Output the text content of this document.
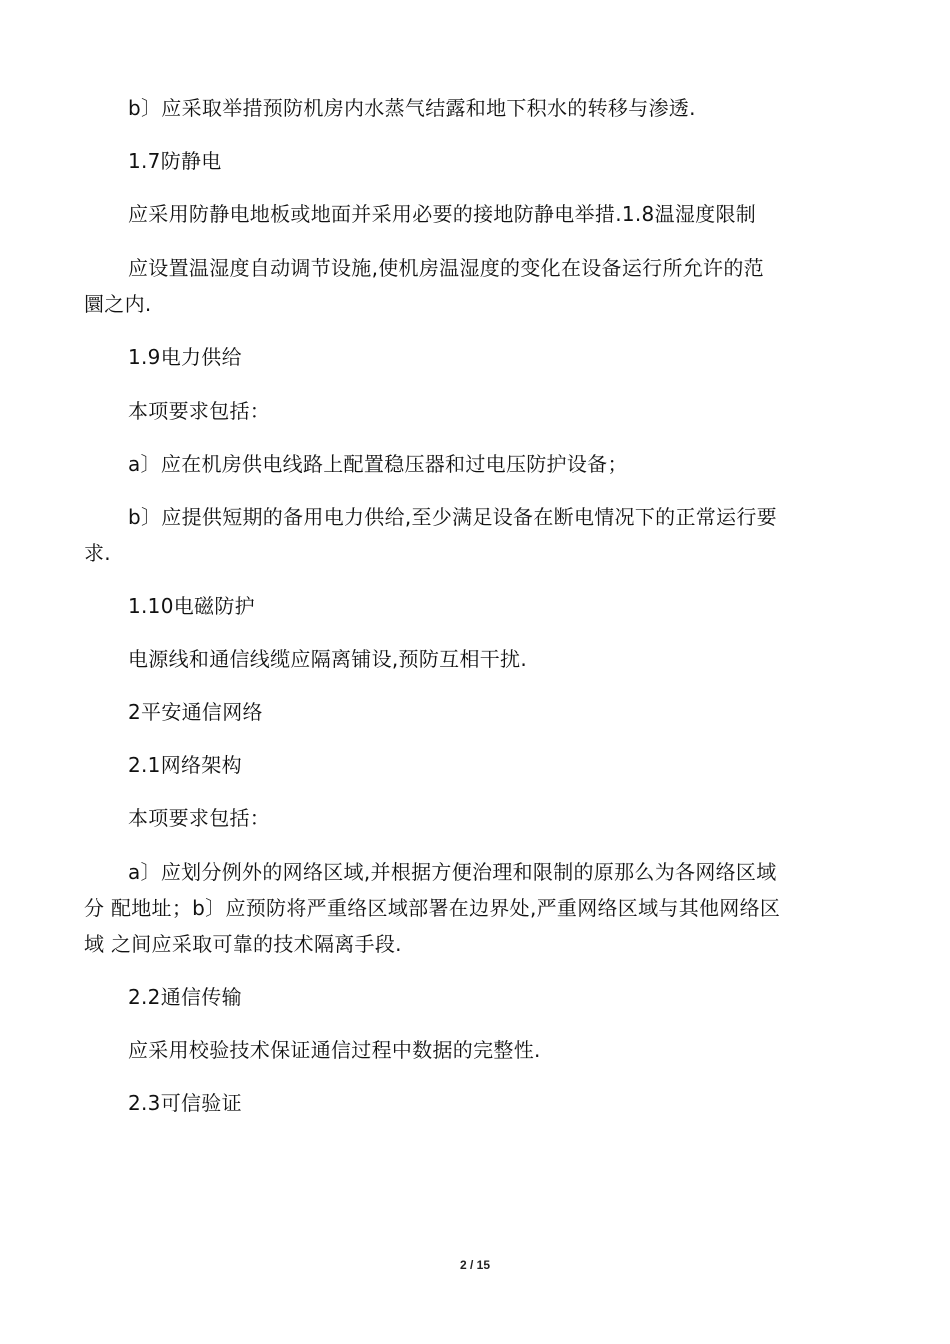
b〕应采取举措预防机房内水蒸气结露和地下积水的转移与渗透.
1.7防静电
应采用防静电地板或地面并采用必要的接地防静电举措.1.8温湿度限制
应设置温湿度自动调节设施,使机房温湿度的变化在设备运行所允许的范
圜之内.
1.9电力供给
本项要求包括：
a〕应在机房供电线路上配置稳压器和过电压防护设备；
b〕应提供短期的备用电力供给,至少满足设备在断电情况下的正常运行要
求.
1.10电磁防护
电源线和通信线缆应隔离铺设,预防互相干扰.
2平安通信网络
2.1网络架构
本项要求包括：
a〕应划分例外的网络区域,并根据方便治理和限制的原那么为各网络区域
分 配地址；b〕应预防将严重络区域部署在边界处,严重网络区域与其他网络区
域 之间应采取可靠的技术隔离手段.
2.2通信传输
应采用校验技术保证通信过程中数据的完整性.
2.3可信验证
2 / 15
